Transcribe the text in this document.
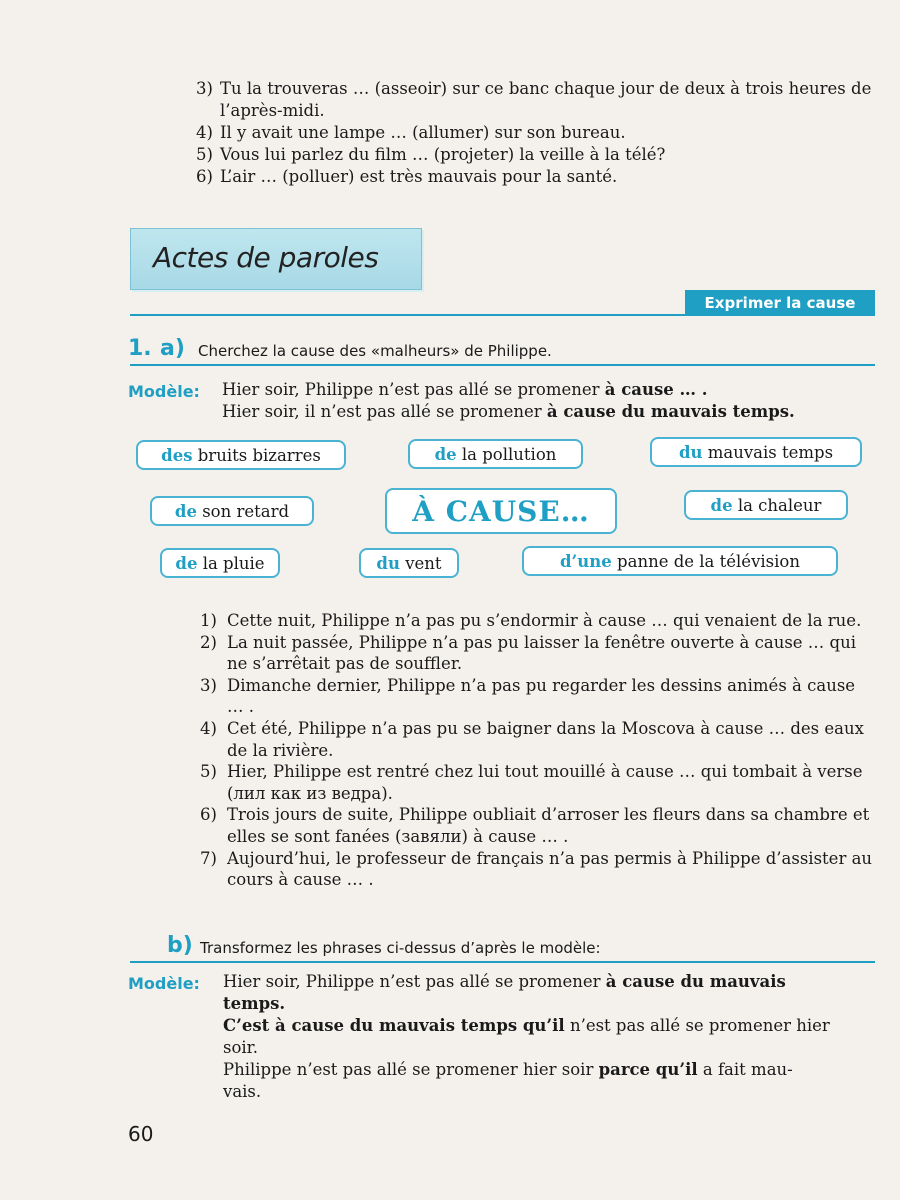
3) Tu la trouveras … (asseoir) sur ce banc chaque jour de deux à trois heures de l’après-midi.
4) Il y avait une lampe … (allumer) sur son bureau.
5) Vous lui parlez du film … (projeter) la veille à la télé?
6) L’air … (polluer) est très mauvais pour la santé.
Actes de paroles
Exprimer la cause
1. a) Cherchez la cause des «malheurs» de Philippe.
Modèle: Hier soir, Philippe n’est pas allé se promener à cause … .
Hier soir, il n’est pas allé se promener à cause du mauvais temps.
des bruits bizarres	de la pollution	du mauvais temps
de son retard	À CAUSE…	de la chaleur
de la pluie	du vent	d’une panne de la télévision
1) Cette nuit, Philippe n’a pas pu s’endormir à cause … qui venaient de la rue.
2) La nuit passée, Philippe n’a pas pu laisser la fenêtre ouverte à cause … qui ne s’arrêtait pas de souffler.
3) Dimanche dernier, Philippe n’a pas pu regarder les dessins animés à cause … .
4) Cet été, Philippe n’a pas pu se baigner dans la Moscova à cause … des eaux de la rivière.
5) Hier, Philippe est rentré chez lui tout mouillé à cause … qui tombait à verse (лил как из ведра).
6) Trois jours de suite, Philippe oubliait d’arroser les fleurs dans sa chambre et elles se sont fanées (завяли) à cause … .
7) Aujourd’hui, le professeur de français n’a pas permis à Philippe d’assister au cours à cause … .
b) Transformez les phrases ci-dessus d’après le modèle:
Modèle: Hier soir, Philippe n’est pas allé se promener à cause du mauvais
temps.
C’est à cause du mauvais temps qu’il n’est pas allé se promener hier
soir.
Philippe n’est pas allé se promener hier soir parce qu’il a fait mau-
vais.
60
